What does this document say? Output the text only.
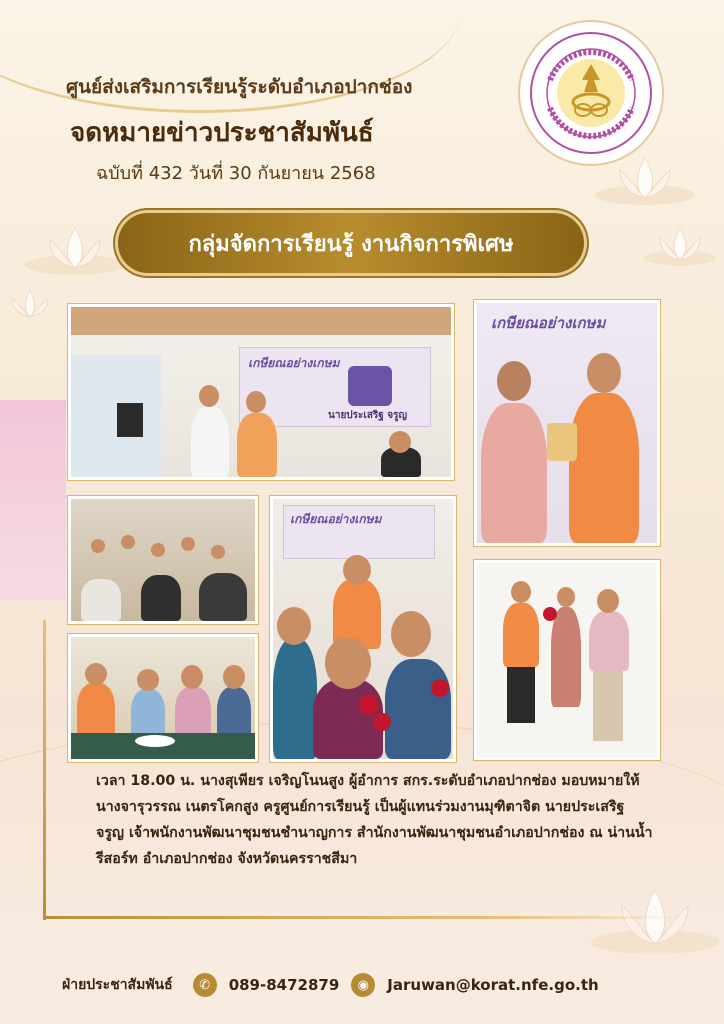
ศูนย์ส่งเสริมการเรียนรู้ระดับอำเภอปากช่อง
จดหมายข่าวประชาสัมพันธ์
ฉบับที่ 432 วันที่ 30 กันยายน 2568
กลุ่มจัดการเรียนรู้ งานกิจการพิเศษ
เกษียณอย่างเกษม
นายประเสริฐ จรูญ
เกษียณอย่างเกษม
เกษียณอย่างเกษม
เวลา 18.00 น. นางสุเพียร เจริญโนนสูง ผู้อำการ สกร.ระดับอำเภอปากช่อง มอบหมายให้นางจารุวรรณ เนตรโคกสูง ครูศูนย์การเรียนรู้ เป็นผู้แทนร่วมงานมุฑิตาจิต นายประเสริฐ จรูญ เจ้าพนักงานพัฒนาชุมชนชำนาญการ สำนักงานพัฒนาชุมชนอำเภอปากช่อง ณ น่านน้ำรีสอร์ท อำเภอปากช่อง จังหวัดนครราชสีมา
ฝ่ายประชาสัมพันธ์	✆	089-8472879	◉	Jaruwan@korat.nfe.go.th
